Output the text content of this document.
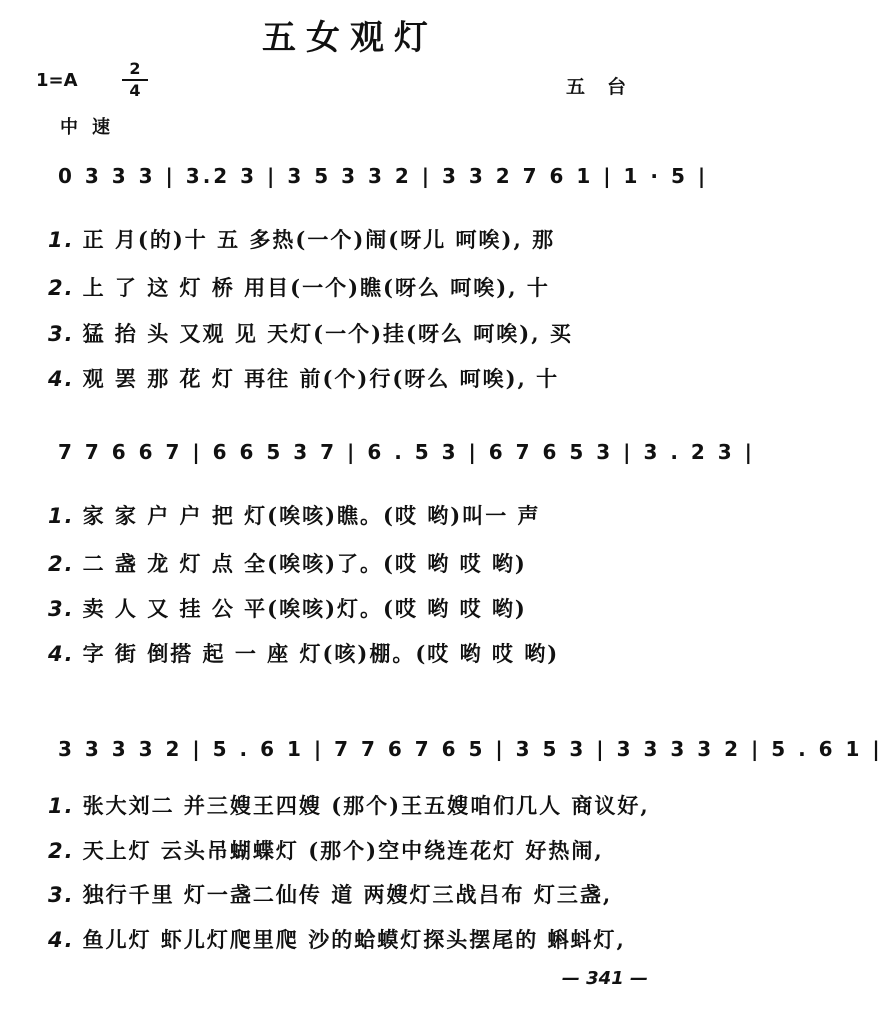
五女观灯
1=A
2
4	五台
中速
0 3 3 3 | 3.2 3 | 3 5 3 3 2 | 3 3 2 7 6 1 | 1 · 5 |
1. 正 月(的)十 五 多热(一个)闹(呀儿 呵唉), 那
2. 上 了 这 灯 桥 用目(一个)瞧(呀么 呵唉), 十
3. 猛 抬 头 又观 见 天灯(一个)挂(呀么 呵唉), 买
4. 观 罢 那 花 灯 再往 前(个)行(呀么 呵唉), 十
7 7 6 6 7 | 6 6 5 3 7 | 6 . 5 3 | 6 7 6 5 3 | 3 . 2 3 |
1. 家 家 户 户 把 灯(唉咳)瞧。(哎 哟)叫一 声
2. 二 盏 龙 灯 点 全(唉咳)了。(哎 哟 哎 哟)
3. 卖 人 又 挂 公 平(唉咳)灯。(哎 哟 哎 哟)
4. 字 街 倒搭 起 一 座 灯(咳)棚。(哎 哟 哎 哟)
3 3 3 3 2 | 5 . 6 1 | 7 7 6 7 6 5 | 3 5 3 | 3 3 3 3 2 | 5 . 6 1 |
1. 张大刘二 并三嫂王四嫂 (那个)王五嫂咱们几人 商议好,
2. 天上灯 云头吊蝴蝶灯 (那个)空中绕连花灯 好热闹,
3. 独行千里 灯一盏二仙传 道 两嫂灯三战吕布 灯三盏,
4. 鱼儿灯 虾儿灯爬里爬 沙的蛤蟆灯探头摆尾的 蝌蚪灯,
— 341 —
